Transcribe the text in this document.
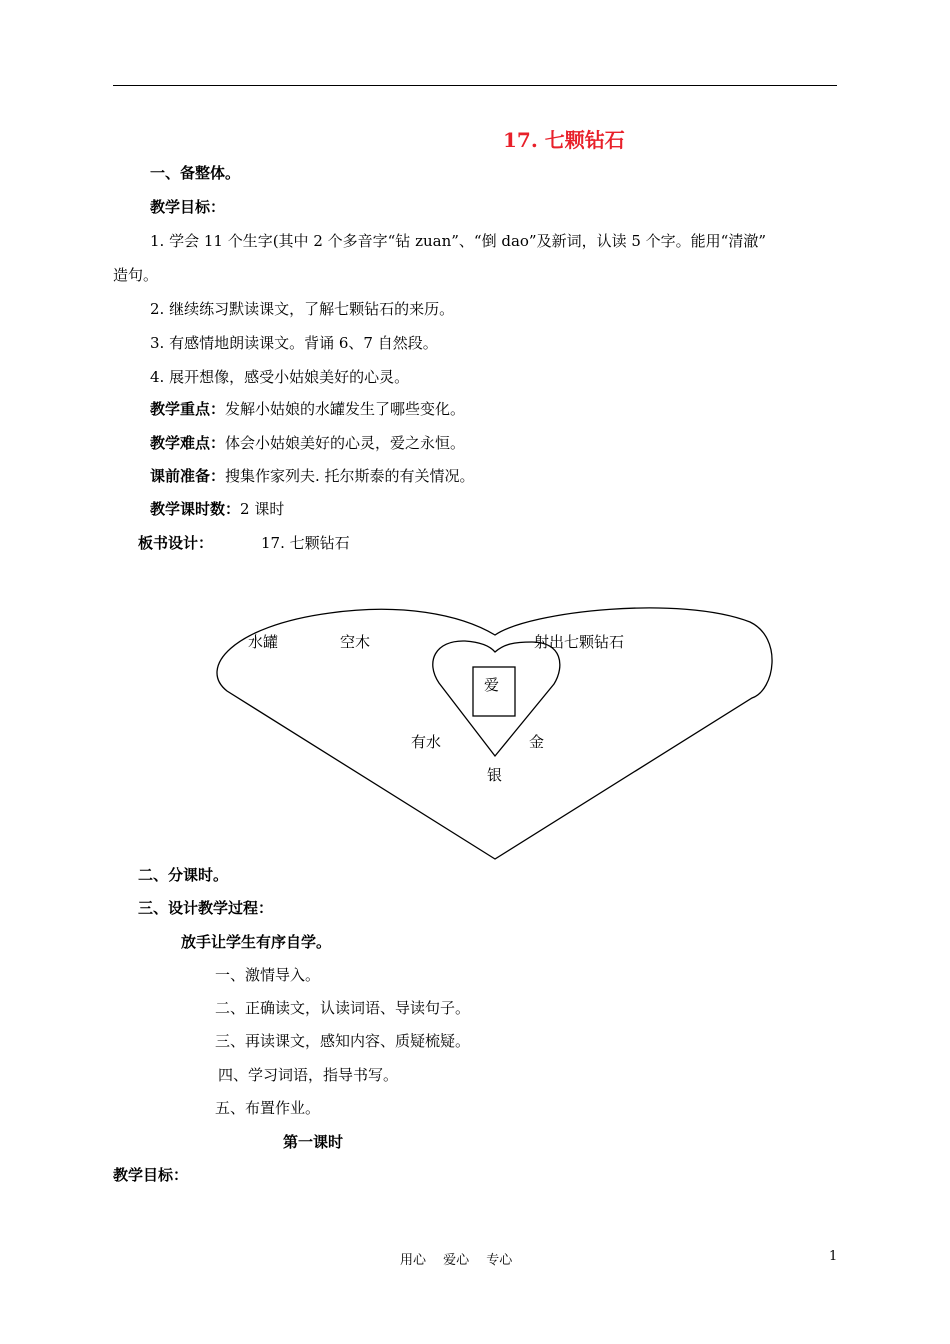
17. 七颗钻石
一、备整体。
教学目标：
1. 学会 11 个生字(其中 2 个多音字“钻 zuan”、“倒 dao”及新词，认读 5 个字。能用“清澈”
造句。
2. 继续练习默读课文，了解七颗钻石的来历。
3. 有感情地朗读课文。背诵 6、7 自然段。
4. 展开想像，感受小姑娘美好的心灵。
教学重点：发解小姑娘的水罐发生了哪些变化。
教学难点：体会小姑娘美好的心灵，爱之永恒。
课前准备：搜集作家列夫. 托尔斯泰的有关情况。
教学课时数：2 课时
板书设计：	17. 七颗钻石
水罐	空木	射出七颗钻石
爱
有水	金
银
二、分课时。
三、设计教学过程：
放手让学生有序自学。
一、激情导入。
二、正确读文，认读词语、导读句子。
三、再读课文，感知内容、质疑梳疑。
四、学习词语，指导书写。
五、布置作业。
第一课时
教学目标：
用心　 爱心　 专心	1
